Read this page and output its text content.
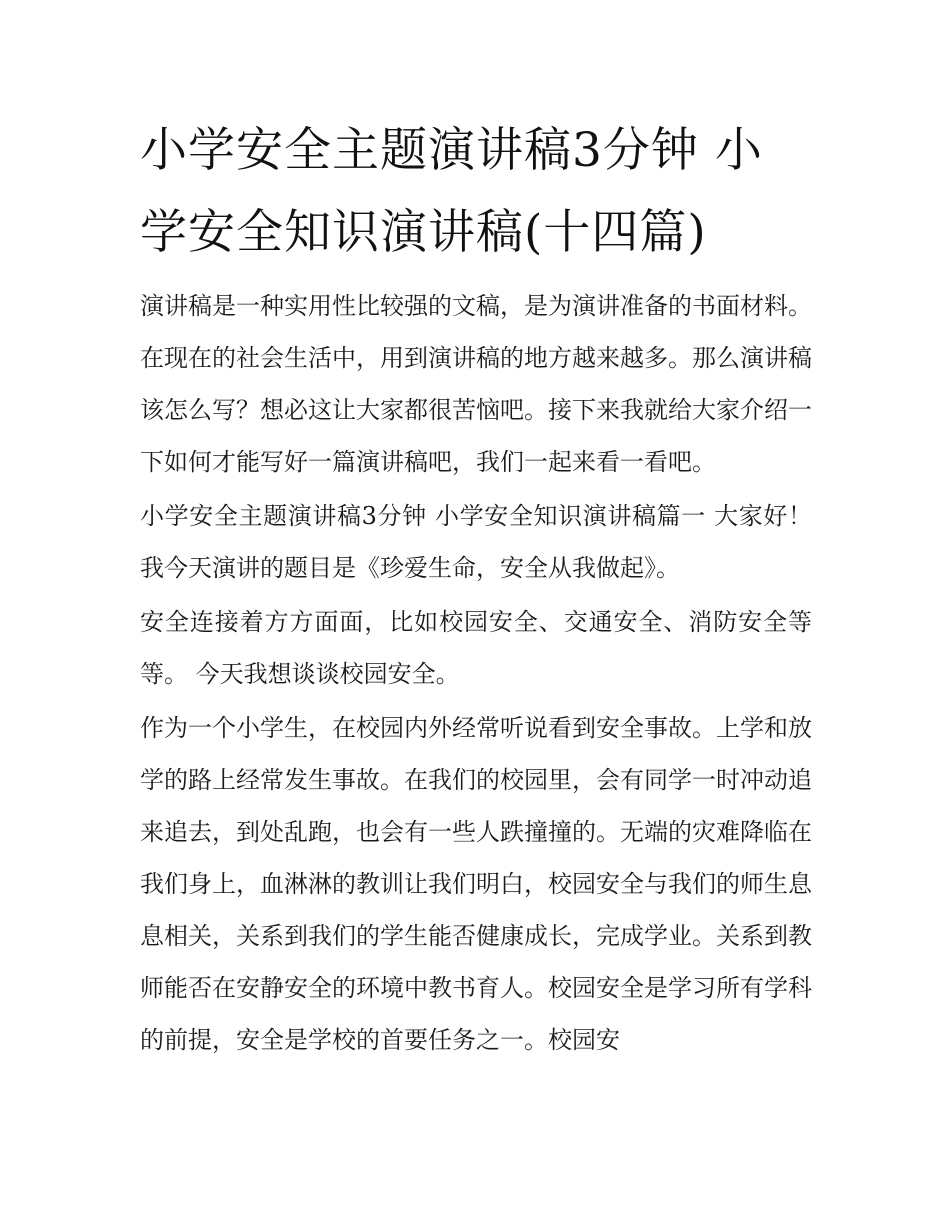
小学安全主题演讲稿3分钟 小学安全知识演讲稿(十四篇)

演讲稿是一种实用性比较强的文稿，是为演讲准备的书面材料。在现在的社会生活中，用到演讲稿的地方越来越多。那么演讲稿该怎么写？想必这让大家都很苦恼吧。接下来我就给大家介绍一下如何才能写好一篇演讲稿吧，我们一起来看一看吧。

小学安全主题演讲稿3分钟 小学安全知识演讲稿篇一 大家好！ 我今天演讲的题目是《珍爱生命，安全从我做起》。

安全连接着方方面面，比如校园安全、交通安全、消防安全等等。 今天我想谈谈校园安全。

作为一个小学生，在校园内外经常听说看到安全事故。上学和放学的路上经常发生事故。在我们的校园里，会有同学一时冲动追来追去，到处乱跑，也会有一些人跌撞撞的。无端的灾难降临在我们身上，血淋淋的教训让我们明白，校园安全与我们的师生息息相关，关系到我们的学生能否健康成长，完成学业。关系到教师能否在安静安全的环境中教书育人。校园安全是学习所有学科的前提，安全是学校的首要任务之一。校园安
